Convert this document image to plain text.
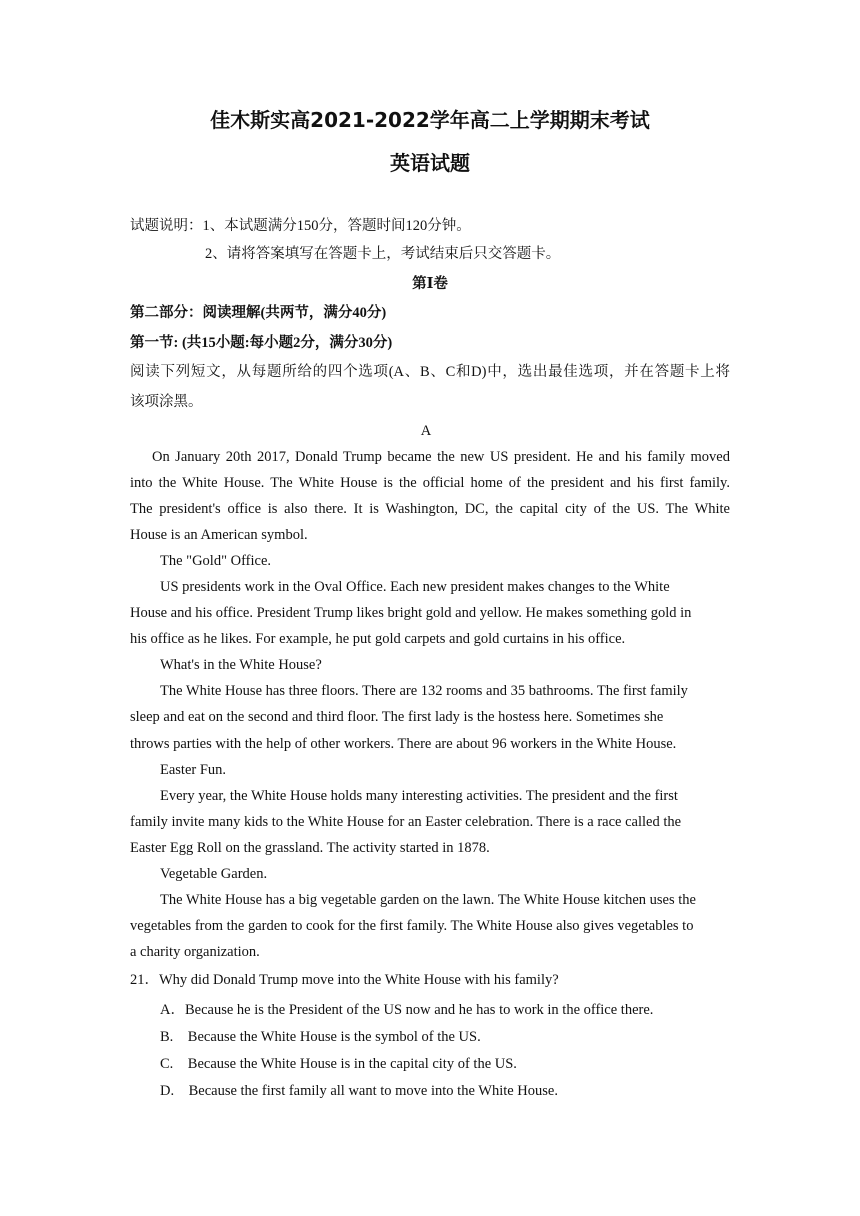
佳木斯实高2021-2022学年高二上学期期末考试
英语试题
试题说明：1、本试题满分150分，答题时间120分钟。
2、请将答案填写在答题卡上，考试结束后只交答题卡。
第Ⅰ卷
第二部分：阅读理解(共两节，满分40分)
第一节: (共15小题:每小题2分，满分30分)
阅读下列短文，从每题所给的四个选项(A、B、C和D)中，选出最佳选项，并在答题卡上将
该项涂黑。
A
On January 20th 2017, Donald Trump became the new US president. He and his family moved
into the White House. The White House is the official home of the president and his first family.
The president's office is also there. It is Washington, DC, the capital city of the US. The White
House is an American symbol.
The "Gold" Office.
US presidents work in the Oval Office. Each new president makes changes to the White
House and his office. President Trump likes bright gold and yellow. He makes something gold in
his office as he likes. For example, he put gold carpets and gold curtains in his office.
What's in the White House?
The White House has three floors. There are 132 rooms and 35 bathrooms. The first family
sleep and eat on the second and third floor. The first lady is the hostess here. Sometimes she
throws parties with the help of other workers. There are about 96 workers in the White House.
Easter Fun.
Every year, the White House holds many interesting activities. The president and the first
family invite many kids to the White House for an Easter celebration. There is a race called the
Easter Egg Roll on the grassland. The activity started in 1878.
Vegetable Garden.
The White House has a big vegetable garden on the lawn. The White House kitchen uses the
vegetables from the garden to cook for the first family. The White House also gives vegetables to
a charity organization.
21．Why did Donald Trump move into the White House with his family?
A．Because he is the President of the US now and he has to work in the office there.
B.　Because the White House is the symbol of the US.
C.　Because the White House is in the capital city of the US.
D.　Because the first family all want to move into the White House.
